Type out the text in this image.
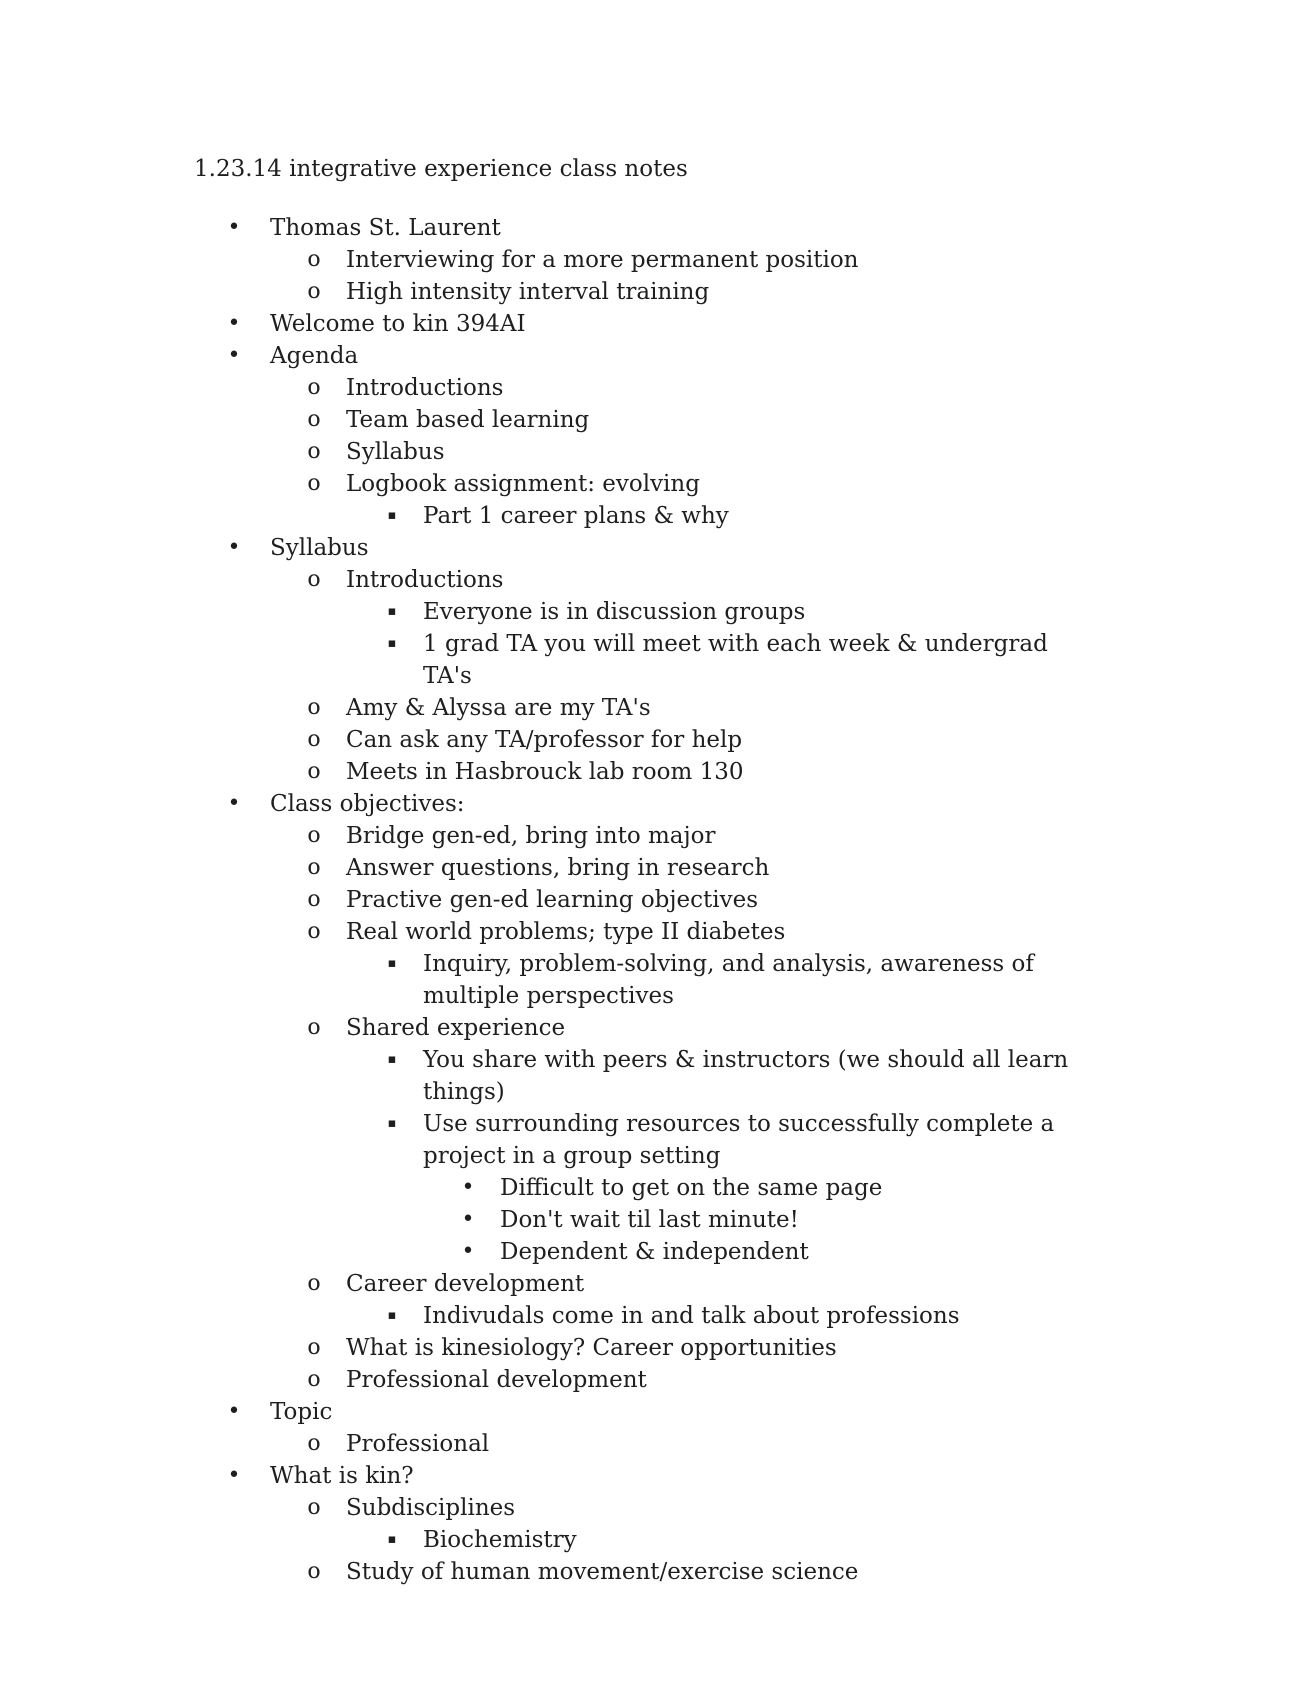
1.23.14 integrative experience class notes
• Thomas St. Laurent
o Interviewing for a more permanent position
o High intensity interval training
• Welcome to kin 394AI
• Agenda
o Introductions
o Team based learning
o Syllabus
o Logbook assignment: evolving
▪ Part 1 career plans & why
• Syllabus
o Introductions
▪ Everyone is in discussion groups
▪ 1 grad TA you will meet with each week & undergrad TA's
o Amy & Alyssa are my TA's
o Can ask any TA/professor for help
o Meets in Hasbrouck lab room 130
• Class objectives:
o Bridge gen-ed, bring into major
o Answer questions, bring in research
o Practive gen-ed learning objectives
o Real world problems; type II diabetes
▪ Inquiry, problem-solving, and analysis, awareness of multiple perspectives
o Shared experience
▪ You share with peers & instructors (we should all learn things)
▪ Use surrounding resources to successfully complete a project in a group setting
• Difficult to get on the same page
• Don't wait til last minute!
• Dependent & independent
o Career development
▪ Indivudals come in and talk about professions
o What is kinesiology? Career opportunities
o Professional development
• Topic
o Professional
• What is kin?
o Subdisciplines
▪ Biochemistry
o Study of human movement/exercise science
